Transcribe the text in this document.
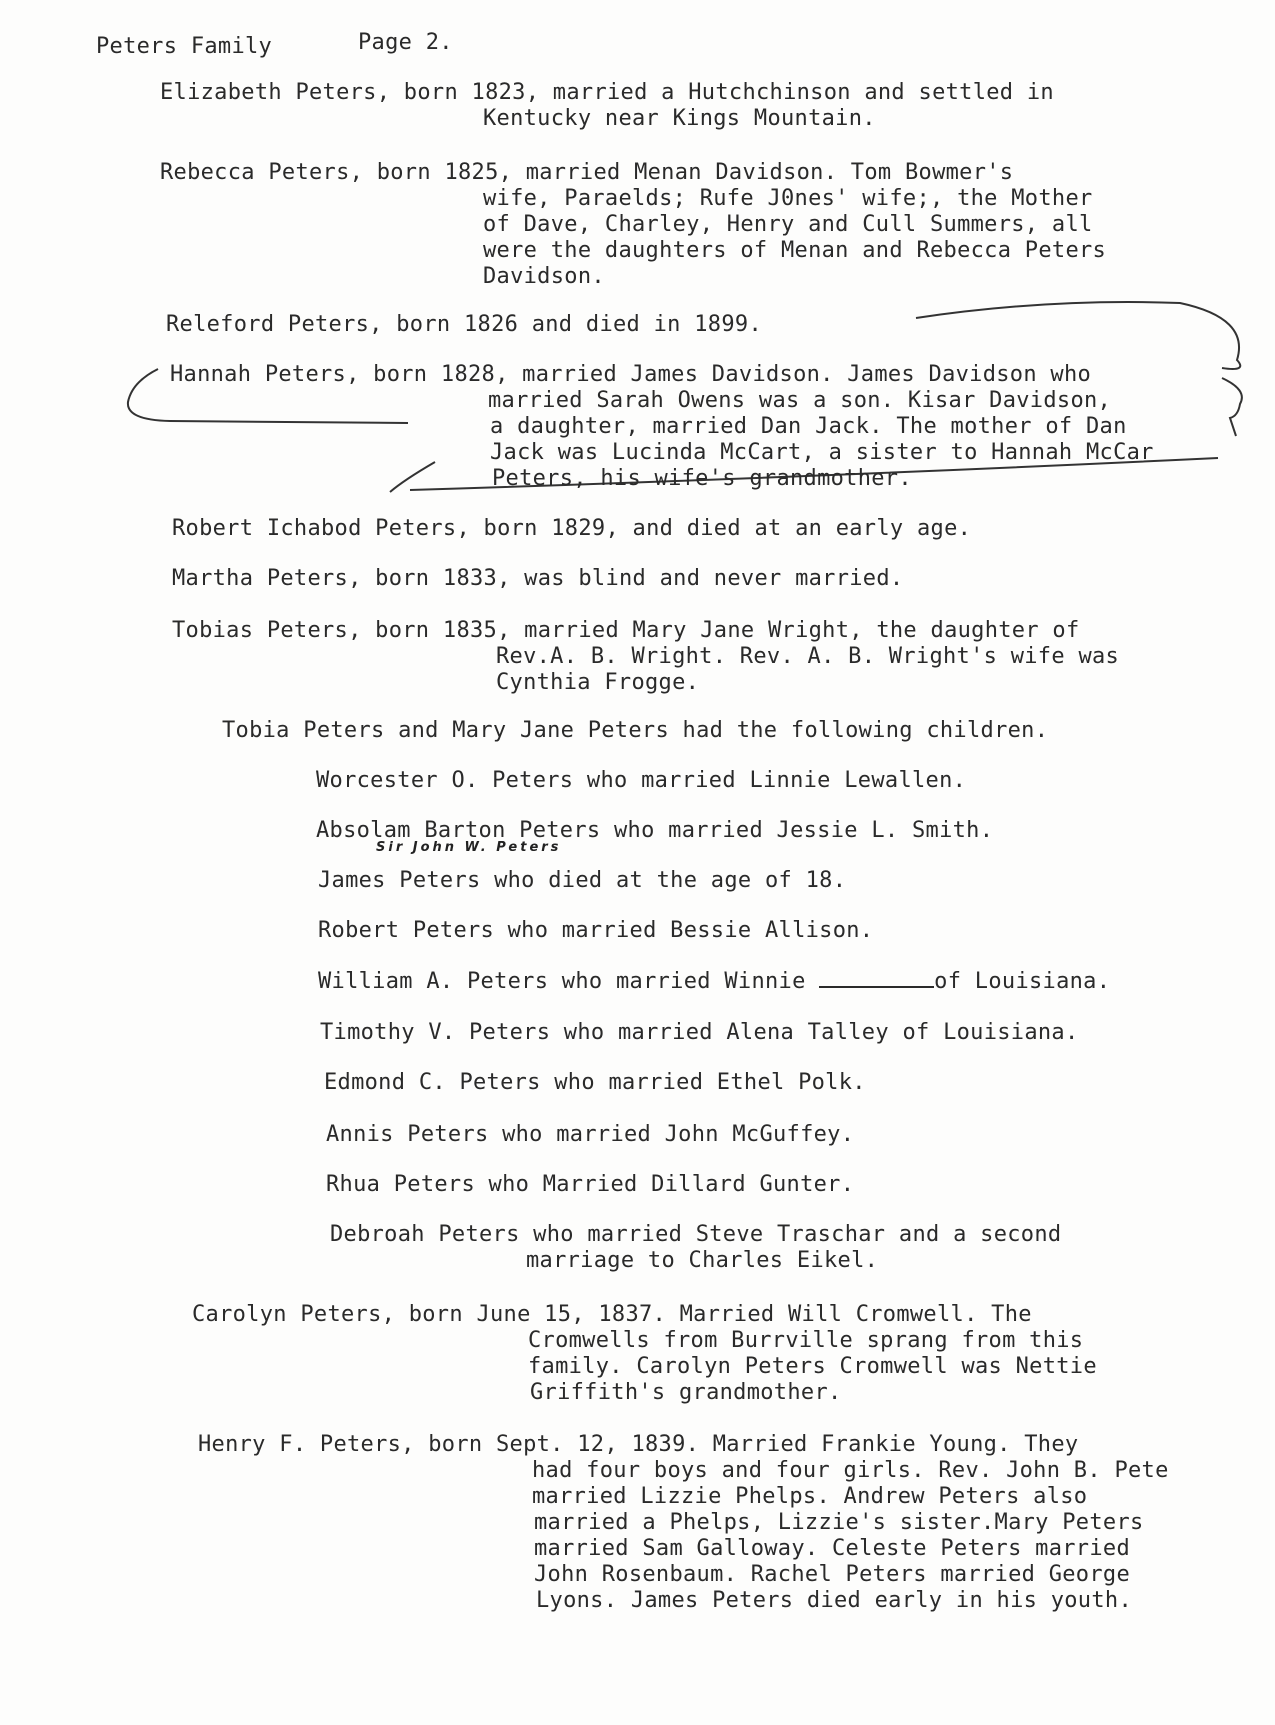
Peters Family	Page 2.
Elizabeth Peters, born 1823, married a Hutchchinson and settled in
Kentucky near Kings Mountain.
Rebecca Peters, born 1825, married Menan Davidson. Tom Bowmer's
wife, Paraelds; Rufe J0nes' wife;, the Mother
of Dave, Charley, Henry and Cull Summers, all
were the daughters of Menan and Rebecca Peters
Davidson.
Releford Peters, born 1826 and died in 1899.
Hannah Peters, born 1828, married James Davidson. James Davidson who
married Sarah Owens was a son. Kisar Davidson,
a daughter, married Dan Jack. The mother of Dan
Jack was Lucinda McCart, a sister to Hannah McCar
Peters, his wife's grandmother.
Robert Ichabod Peters, born 1829, and died at an early age.
Martha Peters, born 1833, was blind and never married.
Tobias Peters, born 1835, married Mary Jane Wright, the daughter of
Rev.A. B. Wright. Rev. A. B. Wright's wife was
Cynthia Frogge.
Tobia Peters and Mary Jane Peters had the following children.
Worcester O. Peters who married Linnie Lewallen.
Absolam Barton Peters who married Jessie L. Smith.
Sir John W. Peters
James Peters who died at the age of 18.
Robert Peters who married Bessie Allison.
William A. Peters who married Winnie	of Louisiana.
Timothy V. Peters who married Alena Talley of Louisiana.
Edmond C. Peters who married Ethel Polk.
Annis Peters who married John McGuffey.
Rhua Peters who Married Dillard Gunter.
Debroah Peters who married Steve Traschar and a second
marriage to Charles Eikel.
Carolyn Peters, born June 15, 1837. Married Will Cromwell. The
Cromwells from Burrville sprang from this
family. Carolyn Peters Cromwell was Nettie
Griffith's grandmother.
Henry F. Peters, born Sept. 12, 1839. Married Frankie Young. They
had four boys and four girls. Rev. John B. Pete
married Lizzie Phelps. Andrew Peters also
married a Phelps, Lizzie's sister.Mary Peters
married Sam Galloway. Celeste Peters married
John Rosenbaum. Rachel Peters married George
Lyons. James Peters died early in his youth.
